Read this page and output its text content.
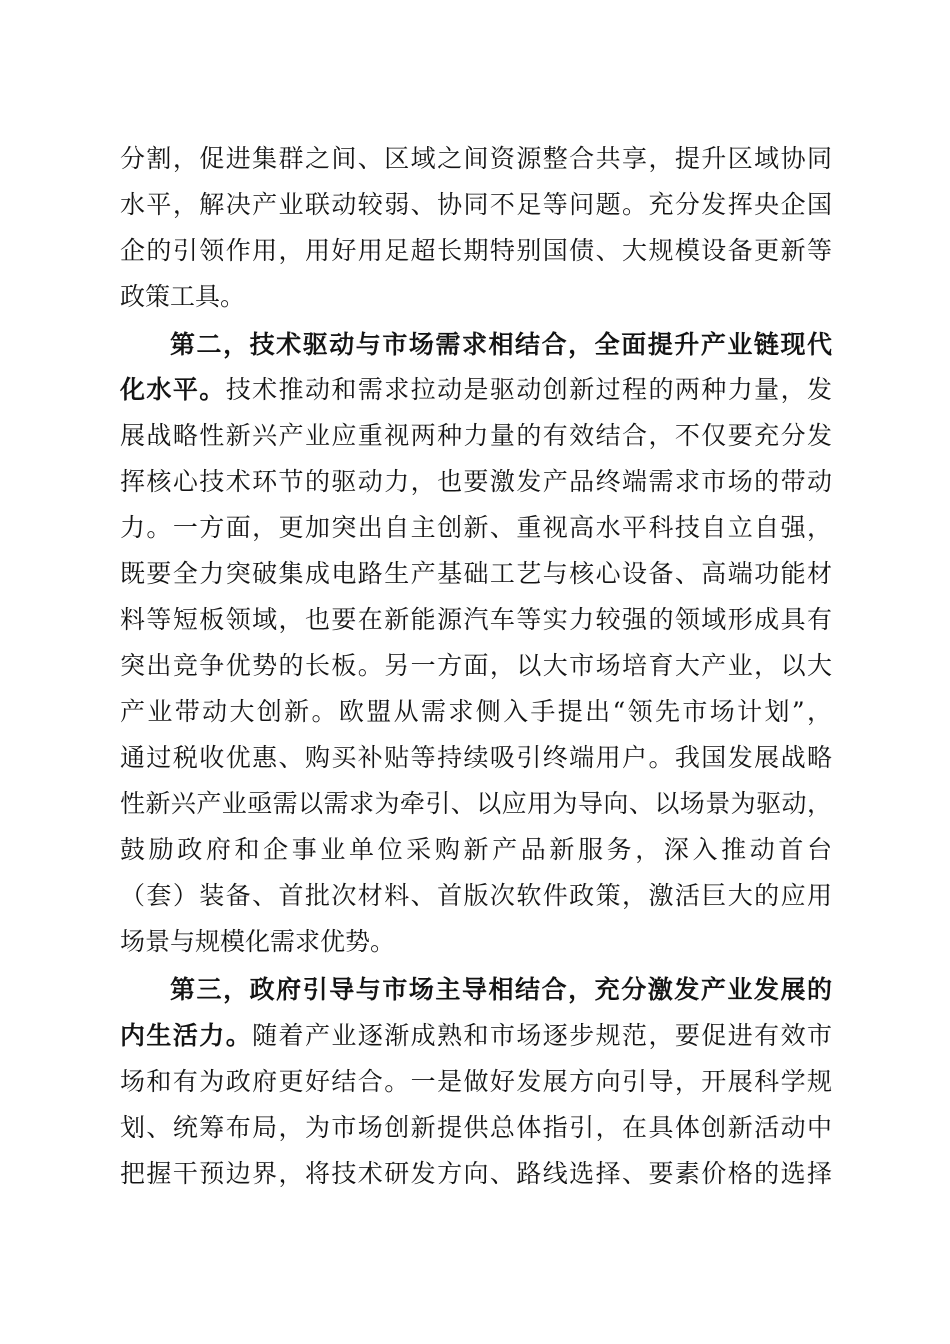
分割，促进集群之间、区域之间资源整合共享，提升区域协同
水平，解决产业联动较弱、协同不足等问题。充分发挥央企国
企的引领作用，用好用足超长期特别国债、大规模设备更新等
政策工具。
第二，技术驱动与市场需求相结合，全面提升产业链现代
化水平。技术推动和需求拉动是驱动创新过程的两种力量，发
展战略性新兴产业应重视两种力量的有效结合，不仅要充分发
挥核心技术环节的驱动力，也要激发产品终端需求市场的带动
力。一方面，更加突出自主创新、重视高水平科技自立自强，
既要全力突破集成电路生产基础工艺与核心设备、高端功能材
料等短板领域，也要在新能源汽车等实力较强的领域形成具有
突出竞争优势的长板。另一方面，以大市场培育大产业，以大
产业带动大创新。欧盟从需求侧入手提出“领先市场计划”，
通过税收优惠、购买补贴等持续吸引终端用户。我国发展战略
性新兴产业亟需以需求为牵引、以应用为导向、以场景为驱动，
鼓励政府和企事业单位采购新产品新服务，深入推动首台
（套）装备、首批次材料、首版次软件政策，激活巨大的应用
场景与规模化需求优势。
第三，政府引导与市场主导相结合，充分激发产业发展的
内生活力。随着产业逐渐成熟和市场逐步规范，要促进有效市
场和有为政府更好结合。一是做好发展方向引导，开展科学规
划、统筹布局，为市场创新提供总体指引，在具体创新活动中
把握干预边界，将技术研发方向、路线选择、要素价格的选择
